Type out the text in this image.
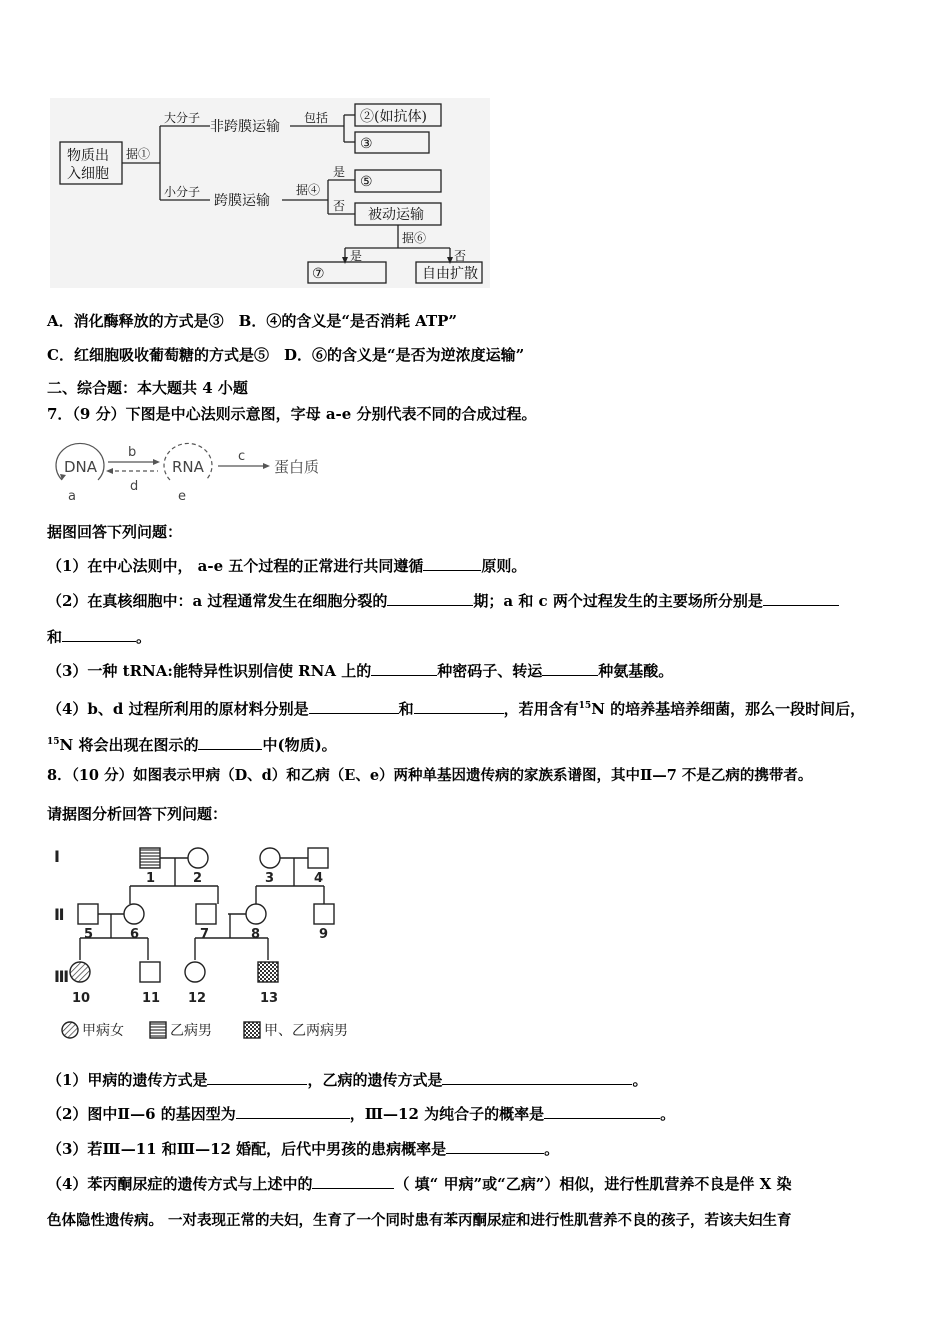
物质出
入细胞
据①
大分子
小分子
非跨膜运输
包括 ②(如抗体)
③
跨膜运输
据④
是
否
⑤
被动运输
据⑥
是	否
⑦	自由扩散
A．消化酶释放的方式是③　B．④的含义是“是否消耗 ATP”
C．红细胞吸收葡萄糖的方式是⑤　D．⑥的含义是“是否为逆浓度运输”
二、综合题：本大题共 4 小题
7．（9 分）下图是中心法则示意图，字母 a-e 分别代表不同的合成过程。
DNA	RNA	蛋白质
b
d
c
a	e
据图回答下列问题：
（1）在中心法则中， a-e 五个过程的正常进行共同遵循	原则。
（2）在真核细胞中：a 过程通常发生在细胞分裂的	期；a 和 c 两个过程发生的主要场所分别是
和	。
（3）一种 tRNA:能特异性识别信使 RNA 上的	种密码子、转运	种氨基酸。
（4）b、d 过程所利用的原材料分别是	和	，若用含有$^{15}$N 的培养基培养细菌，那么一段时间后，
$^{15}$N 将会出现在图示的	中(物质)。
8．（10 分）如图表示甲病（D、d）和乙病（E、e）两种单基因遗传病的家族系谱图，其中Ⅱ—7 不是乙病的携带者。
请据图分析回答下列问题：
Ⅰ
Ⅱ
Ⅲ
1	2	3	4
5	6	7	8	9
10	11 12	13
甲病女	乙病男	甲、乙两病男
（1）甲病的遗传方式是	，乙病的遗传方式是	。
（2）图中Ⅱ—6 的基因型为	，Ⅲ—12 为纯合子的概率是	。
（3）若Ⅲ—11 和Ⅲ—12 婚配，后代中男孩的患病概率是	。
（4）苯丙酮尿症的遗传方式与上述中的	（ 填“ 甲病”或“乙病”）相似，进行性肌营养不良是伴 X 染
色体隐性遗传病。 一对表现正常的夫妇，生育了一个同时患有苯丙酮尿症和进行性肌营养不良的孩子，若该夫妇生育
